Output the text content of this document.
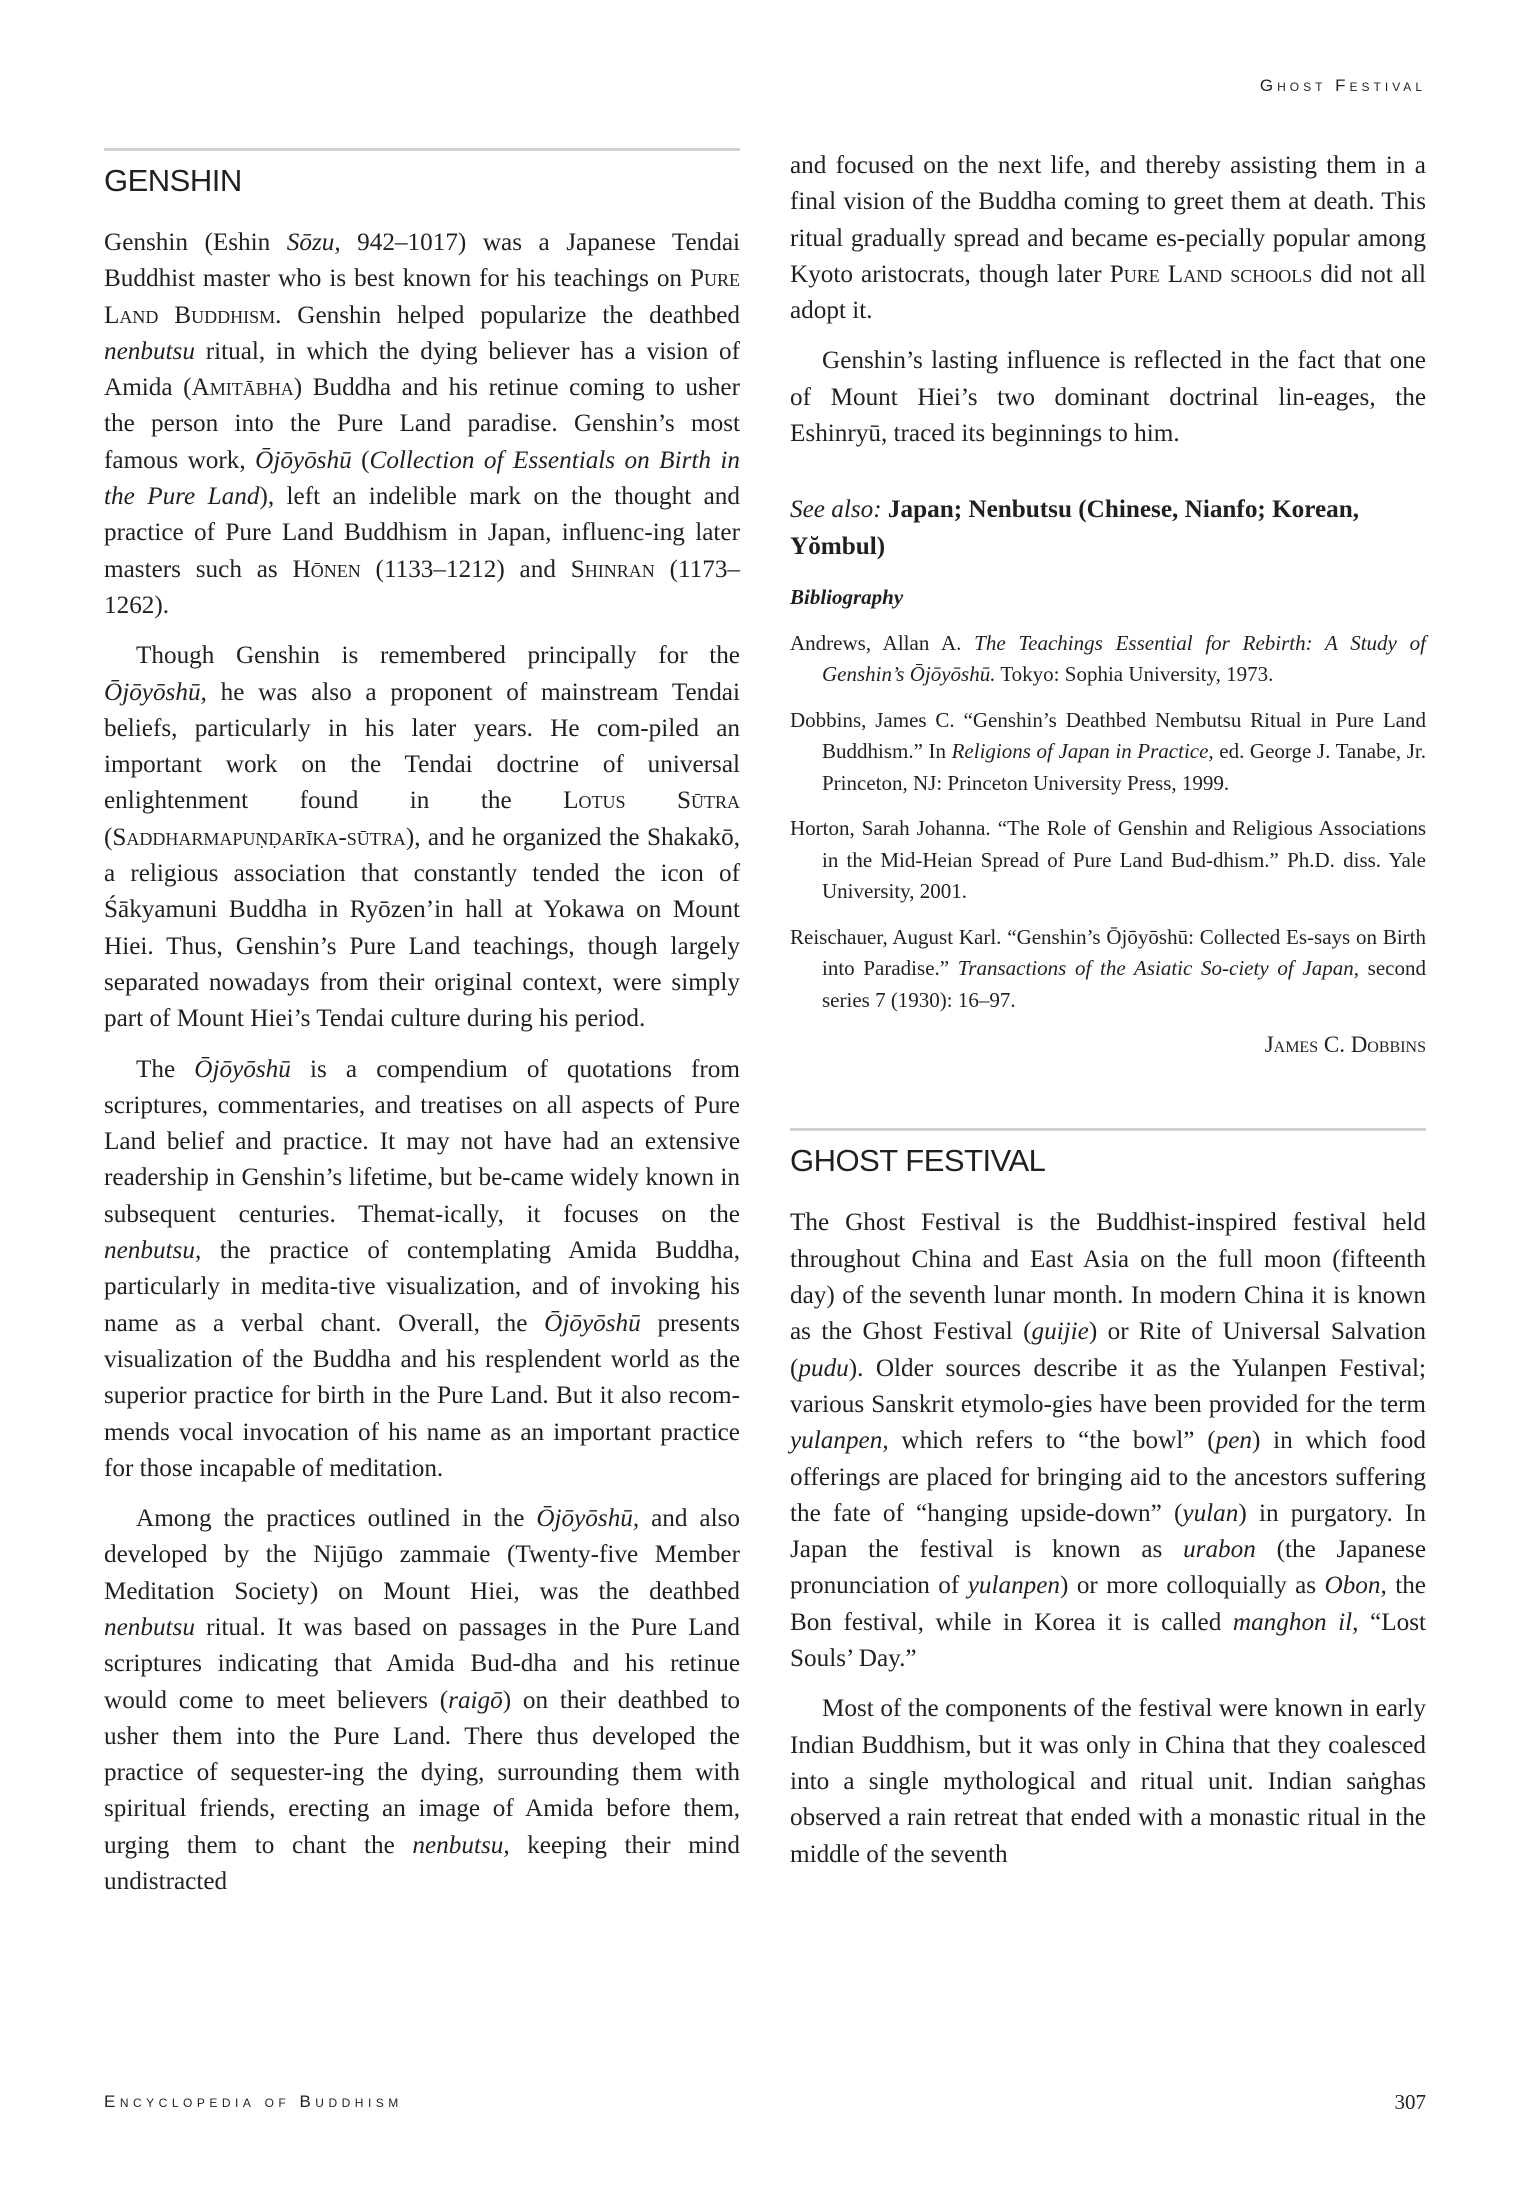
Ghost Festival
GENSHIN

Genshin (Eshin Sōzu, 942–1017) was a Japanese Tendai Buddhist master who is best known for his teachings on Pure Land Buddhism. Genshin helped popularize the deathbed nenbutsu ritual, in which the dying believer has a vision of Amida (Amitābha) Buddha and his retinue coming to usher the person into the Pure Land paradise. Genshin’s most famous work, Ōjōyōshū (Collection of Essentials on Birth in the Pure Land), left an indelible mark on the thought and practice of Pure Land Buddhism in Japan, influenc-ing later masters such as Hōnen (1133–1212) and Shinran (1173–1262).

Though Genshin is remembered principally for the Ōjōyōshū, he was also a proponent of mainstream Tendai beliefs, particularly in his later years. He com-piled an important work on the Tendai doctrine of universal enlightenment found in the Lotus Sūtra (Saddharmapuṇḍarīka-sūtra), and he organized the Shakakō, a religious association that constantly tended the icon of Śākyamuni Buddha in Ryōzen’in hall at Yokawa on Mount Hiei. Thus, Genshin’s Pure Land teachings, though largely separated nowadays from their original context, were simply part of Mount Hiei’s Tendai culture during his period.

The Ōjōyōshū is a compendium of quotations from scriptures, commentaries, and treatises on all aspects of Pure Land belief and practice. It may not have had an extensive readership in Genshin’s lifetime, but be-came widely known in subsequent centuries. Themat-ically, it focuses on the nenbutsu, the practice of contemplating Amida Buddha, particularly in medita-tive visualization, and of invoking his name as a verbal chant. Overall, the Ōjōyōshū presents visualization of the Buddha and his resplendent world as the superior practice for birth in the Pure Land. But it also recom-mends vocal invocation of his name as an important practice for those incapable of meditation.

Among the practices outlined in the Ōjōyōshū, and also developed by the Nijūgo zammaie (Twenty-five Member Meditation Society) on Mount Hiei, was the deathbed nenbutsu ritual. It was based on passages in the Pure Land scriptures indicating that Amida Bud-dha and his retinue would come to meet believers (raigō) on their deathbed to usher them into the Pure Land. There thus developed the practice of sequester-ing the dying, surrounding them with spiritual friends, erecting an image of Amida before them, urging them to chant the nenbutsu, keeping their mind undistracted

and focused on the next life, and thereby assisting them in a final vision of the Buddha coming to greet them at death. This ritual gradually spread and became es-pecially popular among Kyoto aristocrats, though later Pure Land schools did not all adopt it.

Genshin’s lasting influence is reflected in the fact that one of Mount Hiei’s two dominant doctrinal lin-eages, the Eshinryū, traced its beginnings to him.

See also: Japan; Nenbutsu (Chinese, Nianfo; Korean, Yŏmbul)
Bibliography
Andrews, Allan A. The Teachings Essential for Rebirth: A Study of Genshin’s Ōjōyōshū. Tokyo: Sophia University, 1973.
Dobbins, James C. “Genshin’s Deathbed Nembutsu Ritual in Pure Land Buddhism.” In Religions of Japan in Practice, ed. George J. Tanabe, Jr. Princeton, NJ: Princeton University Press, 1999.
Horton, Sarah Johanna. “The Role of Genshin and Religious Associations in the Mid-Heian Spread of Pure Land Bud-dhism.” Ph.D. diss. Yale University, 2001.
Reischauer, August Karl. “Genshin’s Ōjōyōshū: Collected Es-says on Birth into Paradise.” Transactions of the Asiatic So-ciety of Japan, second series 7 (1930): 16–97.
James C. Dobbins
GHOST FESTIVAL

The Ghost Festival is the Buddhist-inspired festival held throughout China and East Asia on the full moon (fifteenth day) of the seventh lunar month. In modern China it is known as the Ghost Festival (guijie) or Rite of Universal Salvation (pudu). Older sources describe it as the Yulanpen Festival; various Sanskrit etymolo-gies have been provided for the term yulanpen, which refers to “the bowl” (pen) in which food offerings are placed for bringing aid to the ancestors suffering the fate of “hanging upside-down” (yulan) in purgatory. In Japan the festival is known as urabon (the Japanese pronunciation of yulanpen) or more colloquially as Obon, the Bon festival, while in Korea it is called manghon il, “Lost Souls’ Day.”

Most of the components of the festival were known in early Indian Buddhism, but it was only in China that they coalesced into a single mythological and ritual unit. Indian saṅghas observed a rain retreat that ended with a monastic ritual in the middle of the seventh

Encyclopedia of Buddhism	307
